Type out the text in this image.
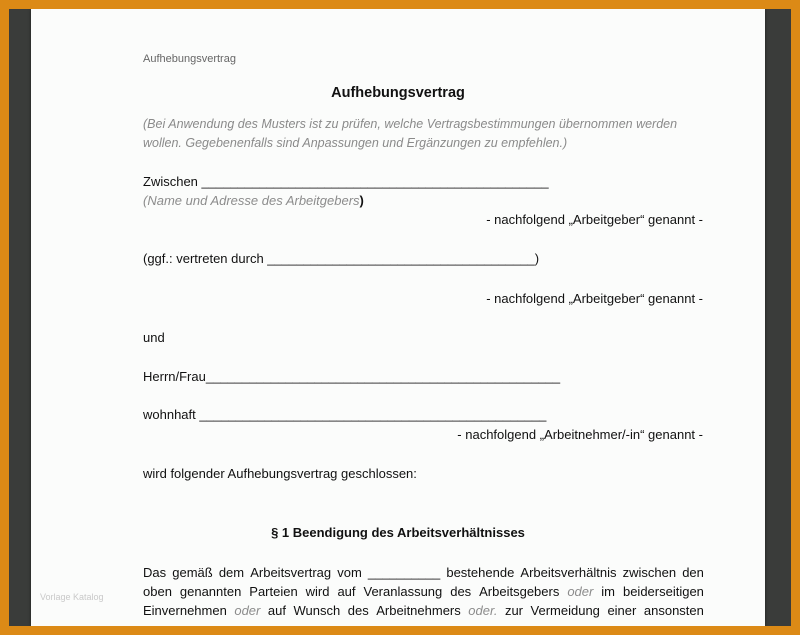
Aufhebungsvertrag
Aufhebungsvertrag
(Bei Anwendung des Musters ist zu prüfen, welche Vertragsbestimmungen übernommen werden
wollen. Gegebenenfalls sind Anpassungen und Ergänzungen zu empfehlen.)
Zwischen ________________________________________________
(Name und Adresse des Arbeitgebers)
- nachfolgend „Arbeitgeber“ genannt -
(ggf.: vertreten durch _____________________________________)
- nachfolgend „Arbeitgeber“ genannt -
und
Herrn/Frau_________________________________________________
wohnhaft ________________________________________________
- nachfolgend „Arbeitnehmer/-in“ genannt -
wird folgender Aufhebungsvertrag geschlossen:
§ 1 Beendigung des Arbeitsverhältnisses
Das gemäß dem Arbeitsvertrag vom __________ bestehende Arbeitsverhältnis zwischen den
oben genannten Parteien wird auf Veranlassung des Arbeitsgebers oder im beiderseitigen
Einvernehmen oder auf Wunsch des Arbeitnehmers oder. zur Vermeidung einer ansonsten
Vorlage Katalog
